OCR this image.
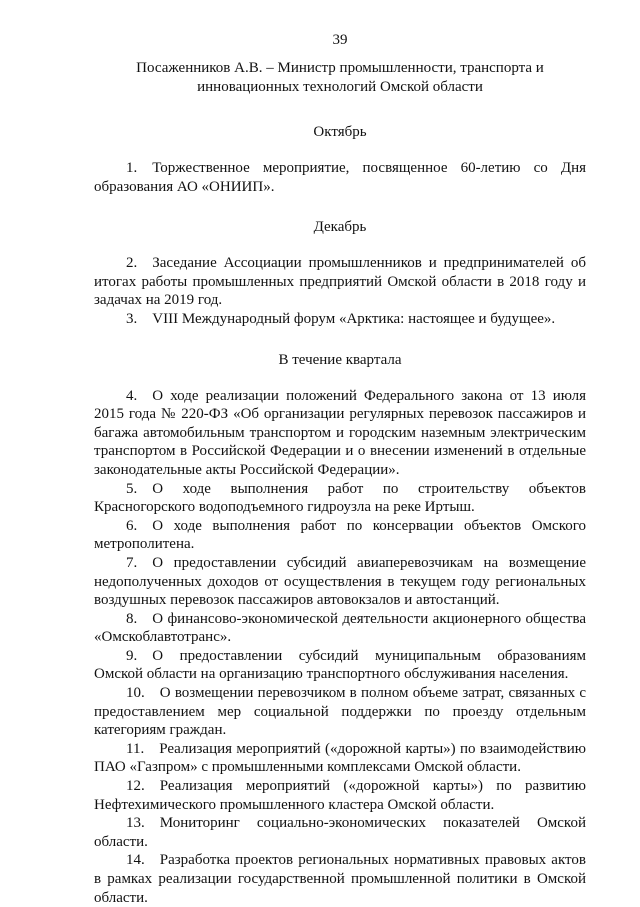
39
Посаженников А.В. – Министр промышленности, транспорта и
инновационных технологий Омской области
Октябрь

1. Торжественное мероприятие, посвященное 60-летию со Дня образования АО «ОНИИП».

Декабрь

2. Заседание Ассоциации промышленников и предпринимателей об итогах работы промышленных предприятий Омской области в 2018 году и задачах на 2019 год.

3. VIII Международный форум «Арктика: настоящее и будущее».

В течение квартала

4. О ходе реализации положений Федерального закона от 13 июля 2015 года № 220-ФЗ «Об организации регулярных перевозок пассажиров и багажа автомобильным транспортом и городским наземным электрическим транспортом в Российской Федерации и о внесении изменений в отдельные законодательные акты Российской Федерации».

5. О ходе выполнения работ по строительству объектов Красногорского водоподъемного гидроузла на реке Иртыш.

6. О ходе выполнения работ по консервации объектов Омского метрополитена.

7. О предоставлении субсидий авиаперевозчикам на возмещение недополученных доходов от осуществления в текущем году региональных воздушных перевозок пассажиров автовокзалов и автостанций.

8. О финансово-экономической деятельности акционерного общества «Омскоблавтотранс».

9. О предоставлении субсидий муниципальным образованиям Омской области на организацию транспортного обслуживания населения.

10. О возмещении перевозчиком в полном объеме затрат, связанных с предоставлением мер социальной поддержки по проезду отдельным категориям граждан.

11. Реализация мероприятий («дорожной карты») по взаимодействию ПАО «Газпром» с промышленными комплексами Омской области.

12. Реализация мероприятий («дорожной карты») по развитию Нефтехимического промышленного кластера Омской области.

13. Мониторинг социально-экономических показателей Омской области.

14. Разработка проектов региональных нормативных правовых актов в рамках реализации государственной промышленной политики в Омской области.
